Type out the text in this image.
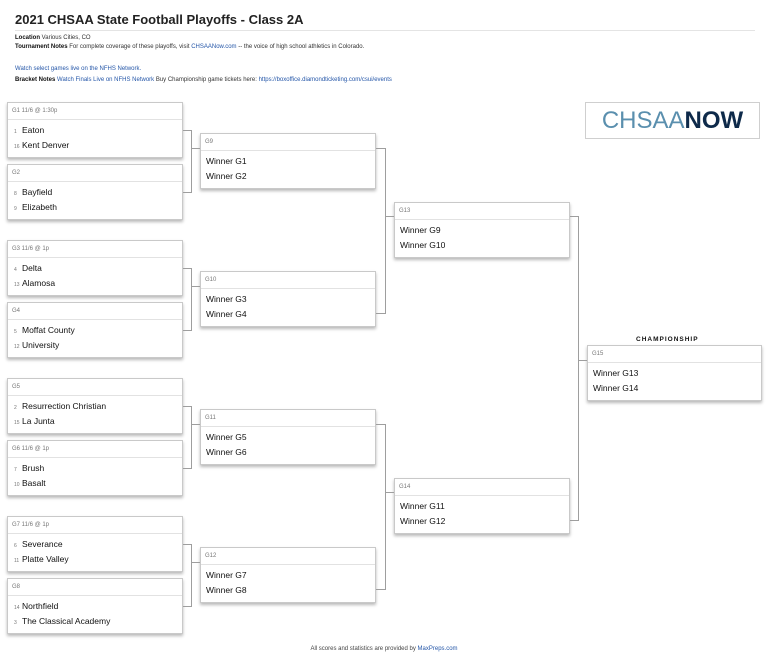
2021 CHSAA State Football Playoffs - Class 2A
Location Various Cities, CO
Tournament Notes For complete coverage of these playoffs, visit CHSAANow.com -- the voice of high school athletics in Colorado.
Watch select games live on the NFHS Network.
Bracket Notes Watch Finals Live on NFHS Network Buy Championship game tickets here: https://boxoffice.diamondticketing.com/csui/events
CHSAA NOW
G1 11/6 @ 1:30p
1 Eaton
16 Kent Denver
G2
8 Bayfield
9 Elizabeth
G3 11/6 @ 1p
4 Delta
13 Alamosa
G4
5 Moffat County
12 University
G5
2 Resurrection Christian
15 La Junta
G6 11/6 @ 1p
7 Brush
10 Basalt
G7 11/6 @ 1p
6 Severance
11 Platte Valley
G8
14 Northfield
3 The Classical Academy
G9
Winner G1
Winner G2
G10
Winner G3
Winner G4
G11
Winner G5
Winner G6
G12
Winner G7
Winner G8
G13
Winner G9
Winner G10
G14
Winner G11
Winner G12
CHAMPIONSHIP
G15
Winner G13
Winner G14
All scores and statistics are provided by MaxPreps.com
